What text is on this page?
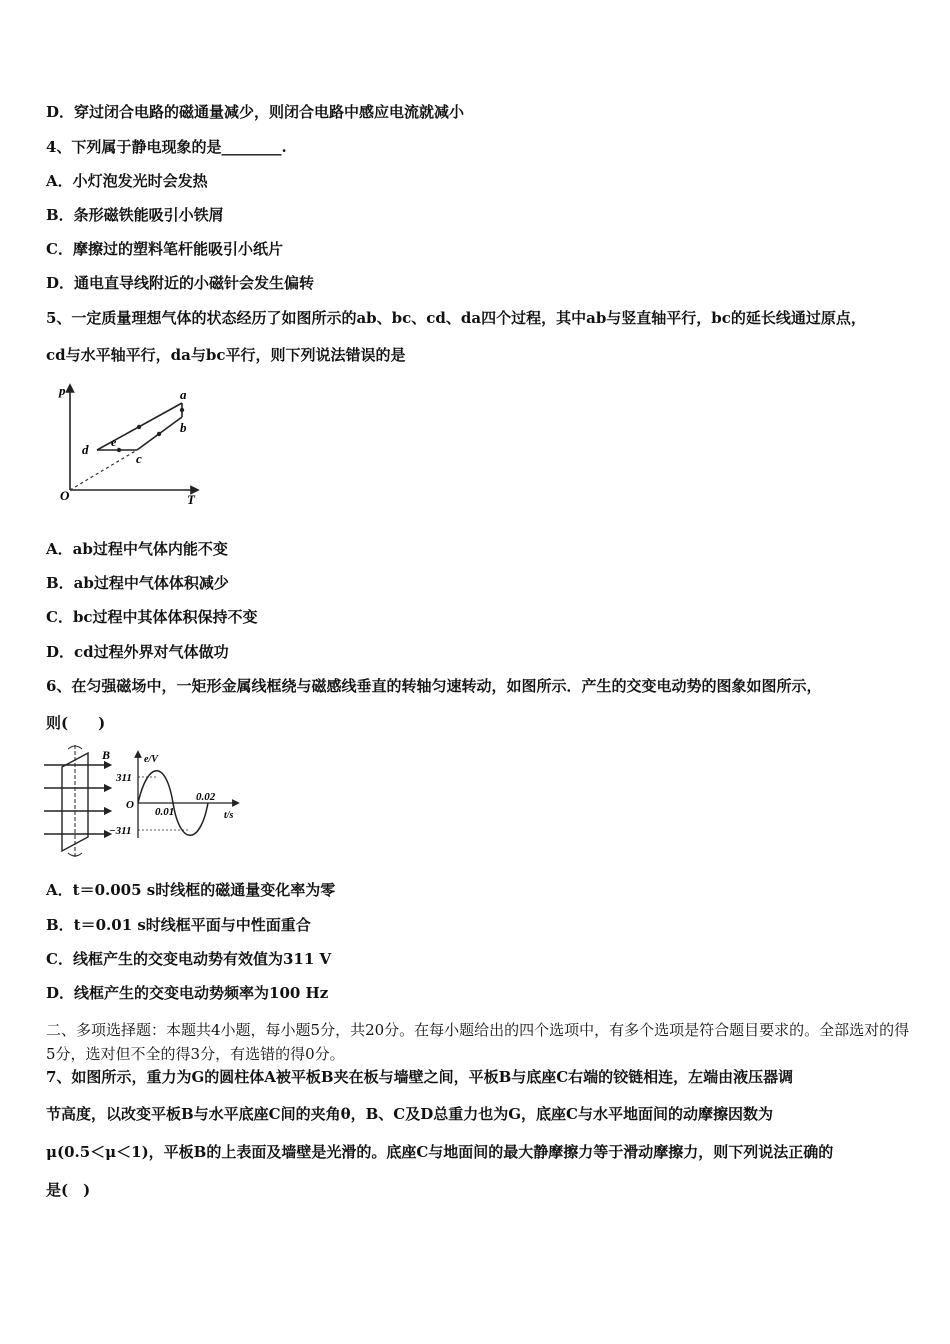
D．穿过闭合电路的磁通量减少，则闭合电路中感应电流就减小
4、下列属于静电现象的是________.
A．小灯泡发光时会发热
B．条形磁铁能吸引小铁屑
C．摩擦过的塑料笔杆能吸引小纸片
D．通电直导线附近的小磁针会发生偏转
5、一定质量理想气体的状态经历了如图所示的ab、bc、cd、da四个过程，其中ab与竖直轴平行，bc的延长线通过原点，
cd与水平轴平行，da与bc平行，则下列说法错误的是
p
T
O
a
b
c
d e
A．ab过程中气体内能不变
B．ab过程中气体体积减少
C．bc过程中其体体积保持不变
D．cd过程外界对气体做功
6、在匀强磁场中，一矩形金属线框绕与磁感线垂直的转轴匀速转动，如图所示．产生的交变电动势的图象如图所示，
则(　　)
B	e/V
t/s
O
311
−311
0.01
0.02
A．t＝0.005 s时线框的磁通量变化率为零
B．t＝0.01 s时线框平面与中性面重合
C．线框产生的交变电动势有效值为311 V
D．线框产生的交变电动势频率为100 Hz
二、多项选择题：本题共4小题，每小题5分，共20分。在每小题给出的四个选项中，有多个选项是符合题目要求的。全部选对的得5分，选对但不全的得3分，有选错的得0分。
7、如图所示，重力为G的圆柱体A被平板B夹在板与墙壁之间，平板B与底座C右端的铰链相连，左端由液压器调
节高度，以改变平板B与水平底座C间的夹角θ，B、C及D总重力也为G，底座C与水平地面间的动摩擦因数为
μ(0.5＜μ＜1)，平板B的上表面及墙壁是光滑的。底座C与地面间的最大静摩擦力等于滑动摩擦力，则下列说法正确的
是(　)
